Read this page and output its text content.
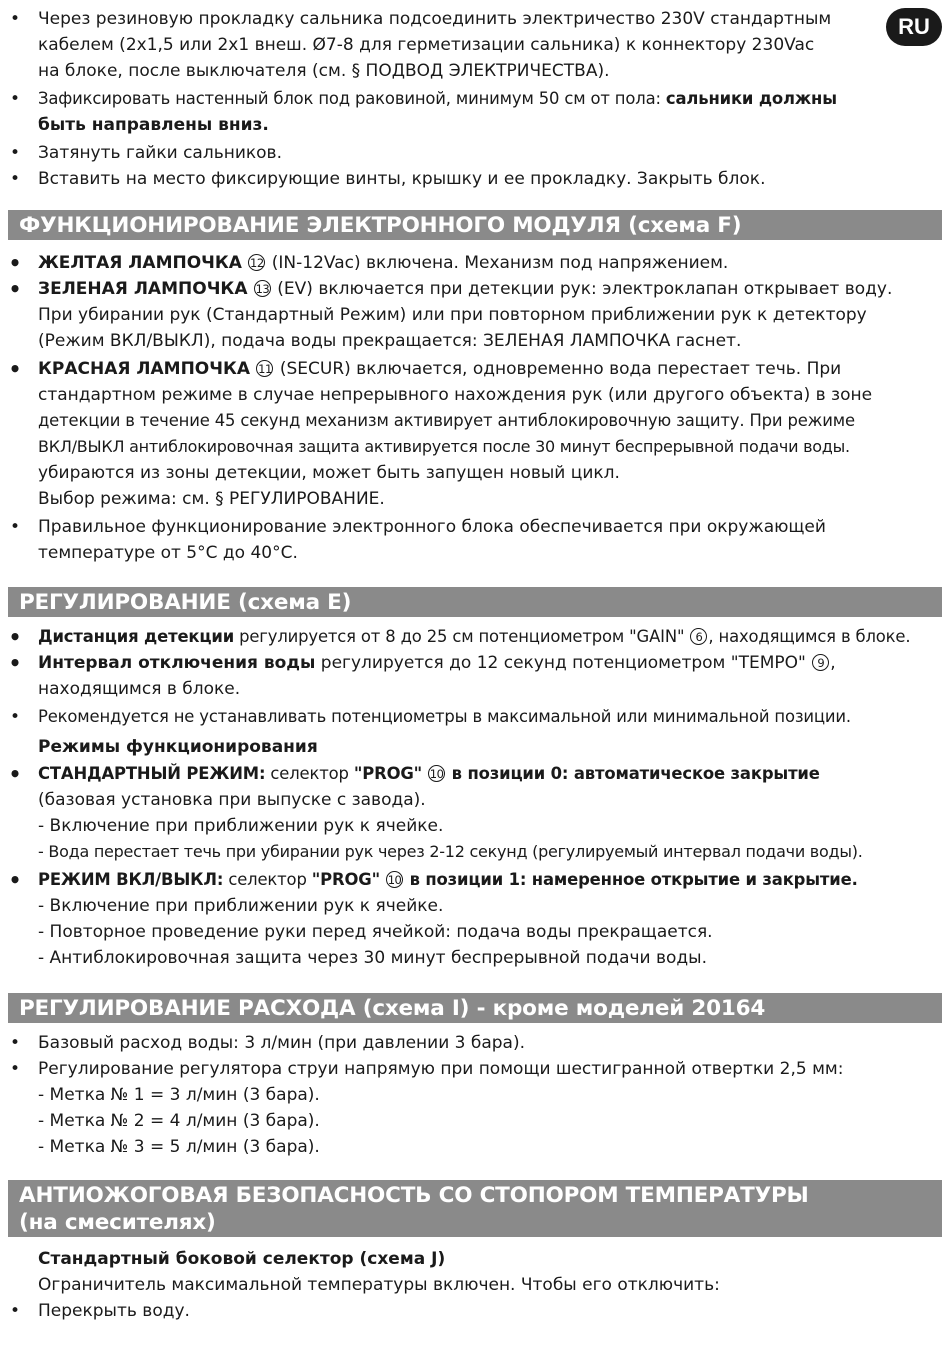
RU
• Через резиновую прокладку сальника подсоединить электричество 230V стандартным
кабелем (2x1,5 или 2x1 внеш. Ø7-8 для герметизации сальника) к коннектору 230Vac
на блоке, после выключателя (см. § ПОДВОД ЭЛЕКТРИЧЕСТВА).
• Зафиксировать настенный блок под раковиной, минимум 50 см от пола: сальники должны
быть направлены вниз.
• Затянуть гайки сальников.
• Вставить на место фиксирующие винты, крышку и ее прокладку. Закрыть блок.
ФУНКЦИОНИРОВАНИЕ ЭЛЕКТРОННОГО МОДУЛЯ (схема F)
• ЖЕЛТАЯ ЛАМПОЧКА 12 (IN-12Vac) включена. Механизм под напряжением.
• ЗЕЛЕНАЯ ЛАМПОЧКА 13 (EV) включается при детекции рук: электроклапан открывает воду.
При убирании рук (Стандартный Режим) или при повторном приближении рук к детектору
(Режим ВКЛ/ВЫКЛ), подача воды прекращается: ЗЕЛЕНАЯ ЛАМПОЧКА гаснет.
• КРАСНАЯ ЛАМПОЧКА 11 (SECUR) включается, одновременно вода перестает течь. При
стандартном режиме в случае непрерывного нахождения рук (или другого объекта) в зоне
детекции в течение 45 секунд механизм активирует антиблокировочную защиту. При режиме
ВКЛ/ВЫКЛ антиблокировочная защита активируется после 30 минут беспрерывной подачи воды.
убираются из зоны детекции, может быть запущен новый цикл.
Выбор режима: см. § РЕГУЛИРОВАНИЕ.
• Правильное функционирование электронного блока обеспечивается при окружающей
температуре от 5°C до 40°C.
РЕГУЛИРОВАНИЕ (схема E)
• Дистанция детекции регулируется от 8 до 25 см потенциометром "GAIN" 6 , находящимся в блоке.
• Интервал отключения воды регулируется до 12 секунд потенциометром "TEMPO" 9 ,
находящимся в блоке.
• Рекомендуется не устанавливать потенциометры в максимальной или минимальной позиции.
Режимы функционирования
• СТАНДАРТНЫЙ РЕЖИМ: селектор "PROG" 10 в позиции 0: автоматическое закрытие
(базовая установка при выпуске с завода).
- Включение при приближении рук к ячейке.
- Вода перестает течь при убирании рук через 2-12 секунд (регулируемый интервал подачи воды).
• РЕЖИМ ВКЛ/ВЫКЛ: селектор "PROG" 10 в позиции 1: намеренное открытие и закрытие.
- Включение при приближении рук к ячейке.
- Повторное проведение руки перед ячейкой: подача воды прекращается.
- Антиблокировочная защита через 30 минут беспрерывной подачи воды.
РЕГУЛИРОВАНИЕ РАСХОДА (схема I) - кроме моделей 20164
• Базовый расход воды: 3 л/мин (при давлении 3 бара).
• Регулирование регулятора струи напрямую при помощи шестигранной отвертки 2,5 мм:
- Метка № 1 = 3 л/мин (3 бара).
- Метка № 2 = 4 л/мин (3 бара).
- Метка № 3 = 5 л/мин (3 бара).
АНТИОЖОГОВАЯ БЕЗОПАСНОСТЬ СО СТОПОРОМ ТЕМПЕРАТУРЫ
(на смесителях)
Стандартный боковой селектор (схема J)
Ограничитель максимальной температуры включен. Чтобы его отключить:
• Перекрыть воду.
